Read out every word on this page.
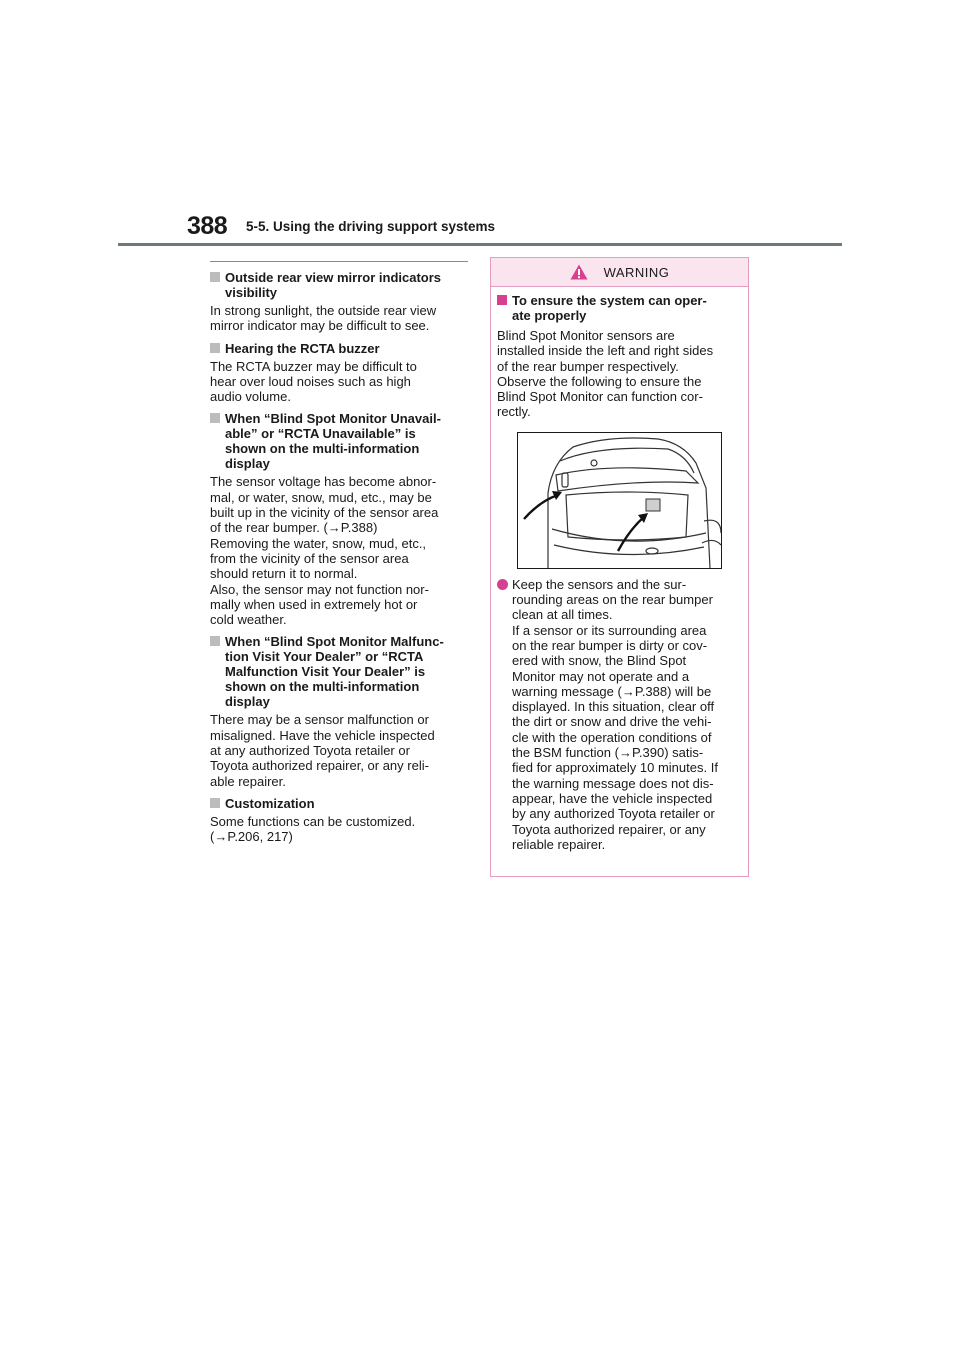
388 5-5. Using the driving support systems
Outside rear view mirror indicators
visibility
In strong sunlight, the outside rear view
mirror indicator may be difficult to see.
Hearing the RCTA buzzer
The RCTA buzzer may be difficult to
hear over loud noises such as high
audio volume.
When “Blind Spot Monitor Unavail-
able” or “RCTA Unavailable” is
shown on the multi-information
display
The sensor voltage has become abnor-
mal, or water, snow, mud, etc., may be
built up in the vicinity of the sensor area
of the rear bumper. (→P.388)
Removing the water, snow, mud, etc.,
from the vicinity of the sensor area
should return it to normal.
Also, the sensor may not function nor-
mally when used in extremely hot or
cold weather.
When “Blind Spot Monitor Malfunc-
tion Visit Your Dealer” or “RCTA
Malfunction Visit Your Dealer” is
shown on the multi-information
display
There may be a sensor malfunction or
misaligned. Have the vehicle inspected
at any authorized Toyota retailer or
Toyota authorized repairer, or any reli-
able repairer.
Customization
Some functions can be customized.
(→P.206, 217)
WARNING
To ensure the system can oper-
ate properly
Blind Spot Monitor sensors are
installed inside the left and right sides
of the rear bumper respectively.
Observe the following to ensure the
Blind Spot Monitor can function cor-
rectly.
Keep the sensors and the sur-
rounding areas on the rear bumper
clean at all times.
If a sensor or its surrounding area
on the rear bumper is dirty or cov-
ered with snow, the Blind Spot
Monitor may not operate and a
warning message (→P.388) will be
displayed. In this situation, clear off
the dirt or snow and drive the vehi-
cle with the operation conditions of
the BSM function (→P.390) satis-
fied for approximately 10 minutes. If
the warning message does not dis-
appear, have the vehicle inspected
by any authorized Toyota retailer or
Toyota authorized repairer, or any
reliable repairer.
